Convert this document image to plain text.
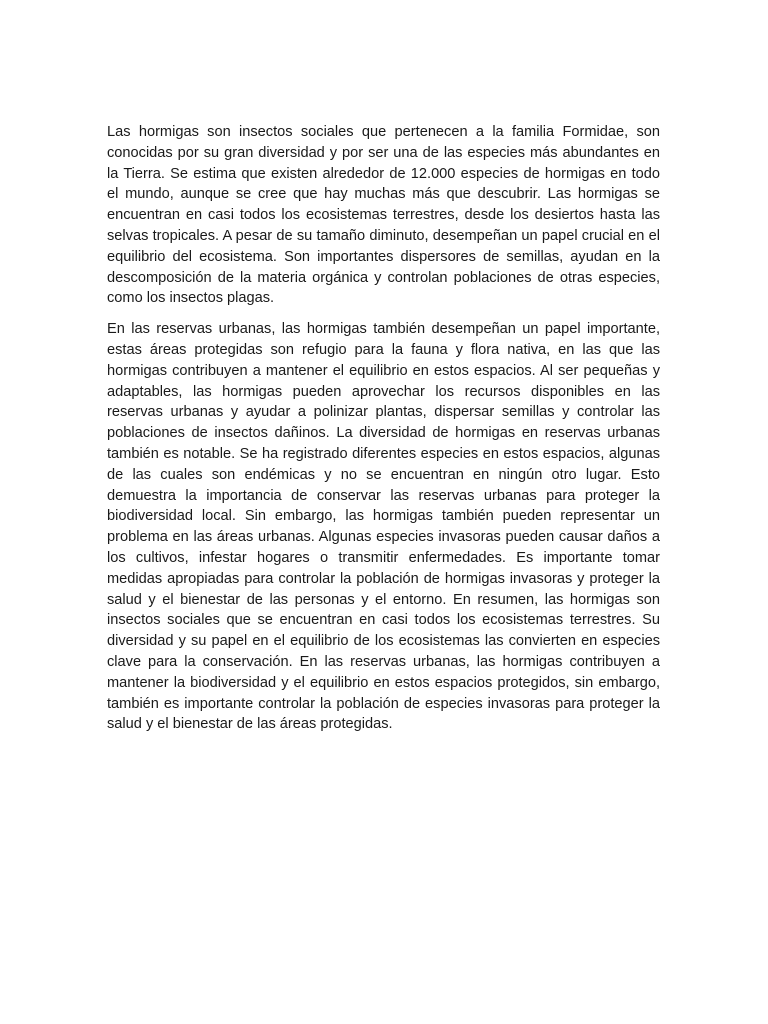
Las hormigas son insectos sociales que pertenecen a la familia Formidae, son conocidas por su gran diversidad y por ser una de las especies más abundantes en la Tierra. Se estima que existen alrededor de 12.000 especies de hormigas en todo el mundo, aunque se cree que hay muchas más que descubrir. Las hormigas se encuentran en casi todos los ecosistemas terrestres, desde los desiertos hasta las selvas tropicales. A pesar de su tamaño diminuto, desempeñan un papel crucial en el equilibrio del ecosistema. Son importantes dispersores de semillas, ayudan en la descomposición de la materia orgánica y controlan poblaciones de otras especies, como los insectos plagas.

En las reservas urbanas, las hormigas también desempeñan un papel importante, estas áreas protegidas son refugio para la fauna y flora nativa, en las que las hormigas contribuyen a mantener el equilibrio en estos espacios. Al ser pequeñas y adaptables, las hormigas pueden aprovechar los recursos disponibles en las reservas urbanas y ayudar a polinizar plantas, dispersar semillas y controlar las poblaciones de insectos dañinos. La diversidad de hormigas en reservas urbanas también es notable. Se ha registrado diferentes especies en estos espacios, algunas de las cuales son endémicas y no se encuentran en ningún otro lugar. Esto demuestra la importancia de conservar las reservas urbanas para proteger la biodiversidad local. Sin embargo, las hormigas también pueden representar un problema en las áreas urbanas. Algunas especies invasoras pueden causar daños a los cultivos, infestar hogares o transmitir enfermedades. Es importante tomar medidas apropiadas para controlar la población de hormigas invasoras y proteger la salud y el bienestar de las personas y el entorno. En resumen, las hormigas son insectos sociales que se encuentran en casi todos los ecosistemas terrestres. Su diversidad y su papel en el equilibrio de los ecosistemas las convierten en especies clave para la conservación. En las reservas urbanas, las hormigas contribuyen a mantener la biodiversidad y el equilibrio en estos espacios protegidos, sin embargo, también es importante controlar la población de especies invasoras para proteger la salud y el bienestar de las áreas protegidas.
